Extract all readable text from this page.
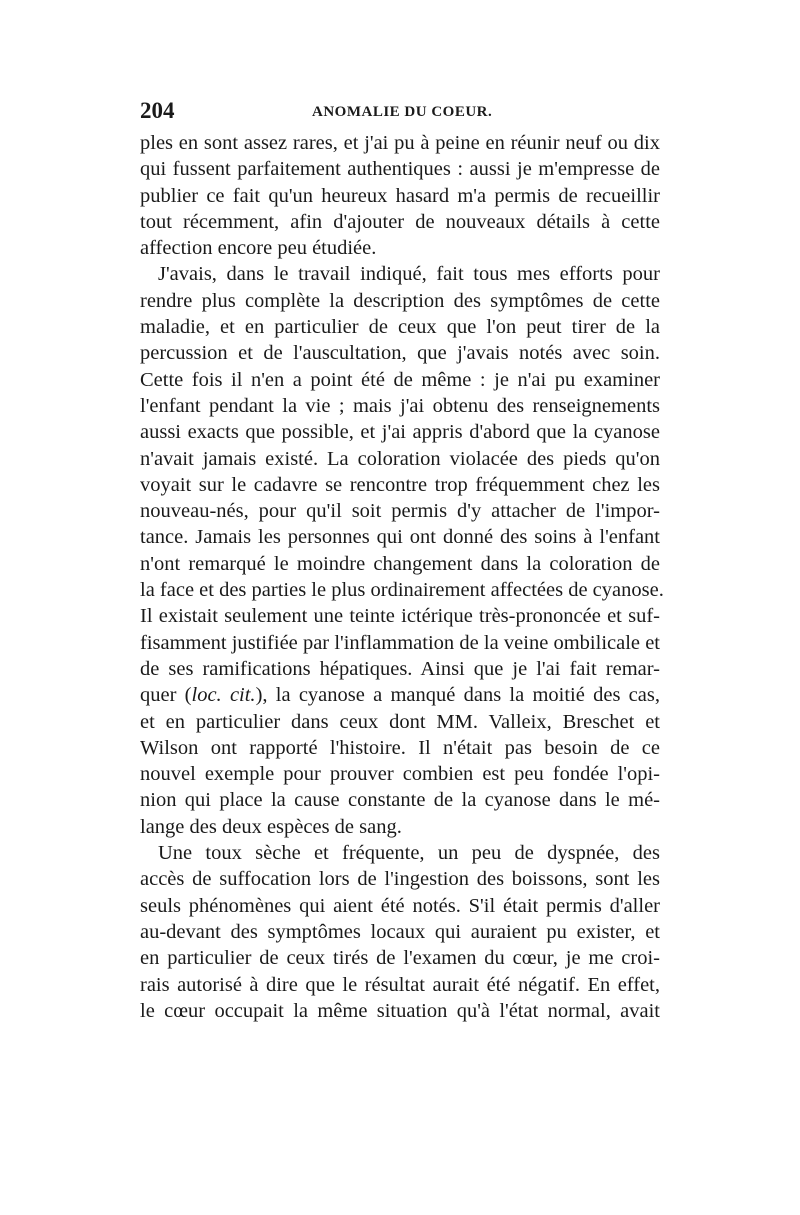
204	ANOMALIE DU COEUR.
ples en sont assez rares, et j'ai pu à peine en réunir neuf ou dix
qui fussent parfaitement authentiques : aussi je m'empresse de
publier ce fait qu'un heureux hasard m'a permis de recueillir
tout récemment, afin d'ajouter de nouveaux détails à cette
affection encore peu étudiée.
J'avais, dans le travail indiqué, fait tous mes efforts pour
rendre plus complète la description des symptômes de cette
maladie, et en particulier de ceux que l'on peut tirer de la
percussion et de l'auscultation, que j'avais notés avec soin.
Cette fois il n'en a point été de même : je n'ai pu examiner
l'enfant pendant la vie ; mais j'ai obtenu des renseignements
aussi exacts que possible, et j'ai appris d'abord que la cyanose
n'avait jamais existé. La coloration violacée des pieds qu'on
voyait sur le cadavre se rencontre trop fréquemment chez les
nouveau-nés, pour qu'il soit permis d'y attacher de l'impor-
tance. Jamais les personnes qui ont donné des soins à l'enfant
n'ont remarqué le moindre changement dans la coloration de
la face et des parties le plus ordinairement affectées de cyanose.
Il existait seulement une teinte ictérique très-prononcée et suf-
fisamment justifiée par l'inflammation de la veine ombilicale et
de ses ramifications hépatiques. Ainsi que je l'ai fait remar-
quer (loc. cit.), la cyanose a manqué dans la moitié des cas,
et en particulier dans ceux dont MM. Valleix, Breschet et
Wilson ont rapporté l'histoire. Il n'était pas besoin de ce
nouvel exemple pour prouver combien est peu fondée l'opi-
nion qui place la cause constante de la cyanose dans le mé-
lange des deux espèces de sang.
Une toux sèche et fréquente, un peu de dyspnée, des
accès de suffocation lors de l'ingestion des boissons, sont les
seuls phénomènes qui aient été notés. S'il était permis d'aller
au-devant des symptômes locaux qui auraient pu exister, et
en particulier de ceux tirés de l'examen du cœur, je me croi-
rais autorisé à dire que le résultat aurait été négatif. En effet,
le cœur occupait la même situation qu'à l'état normal, avait
